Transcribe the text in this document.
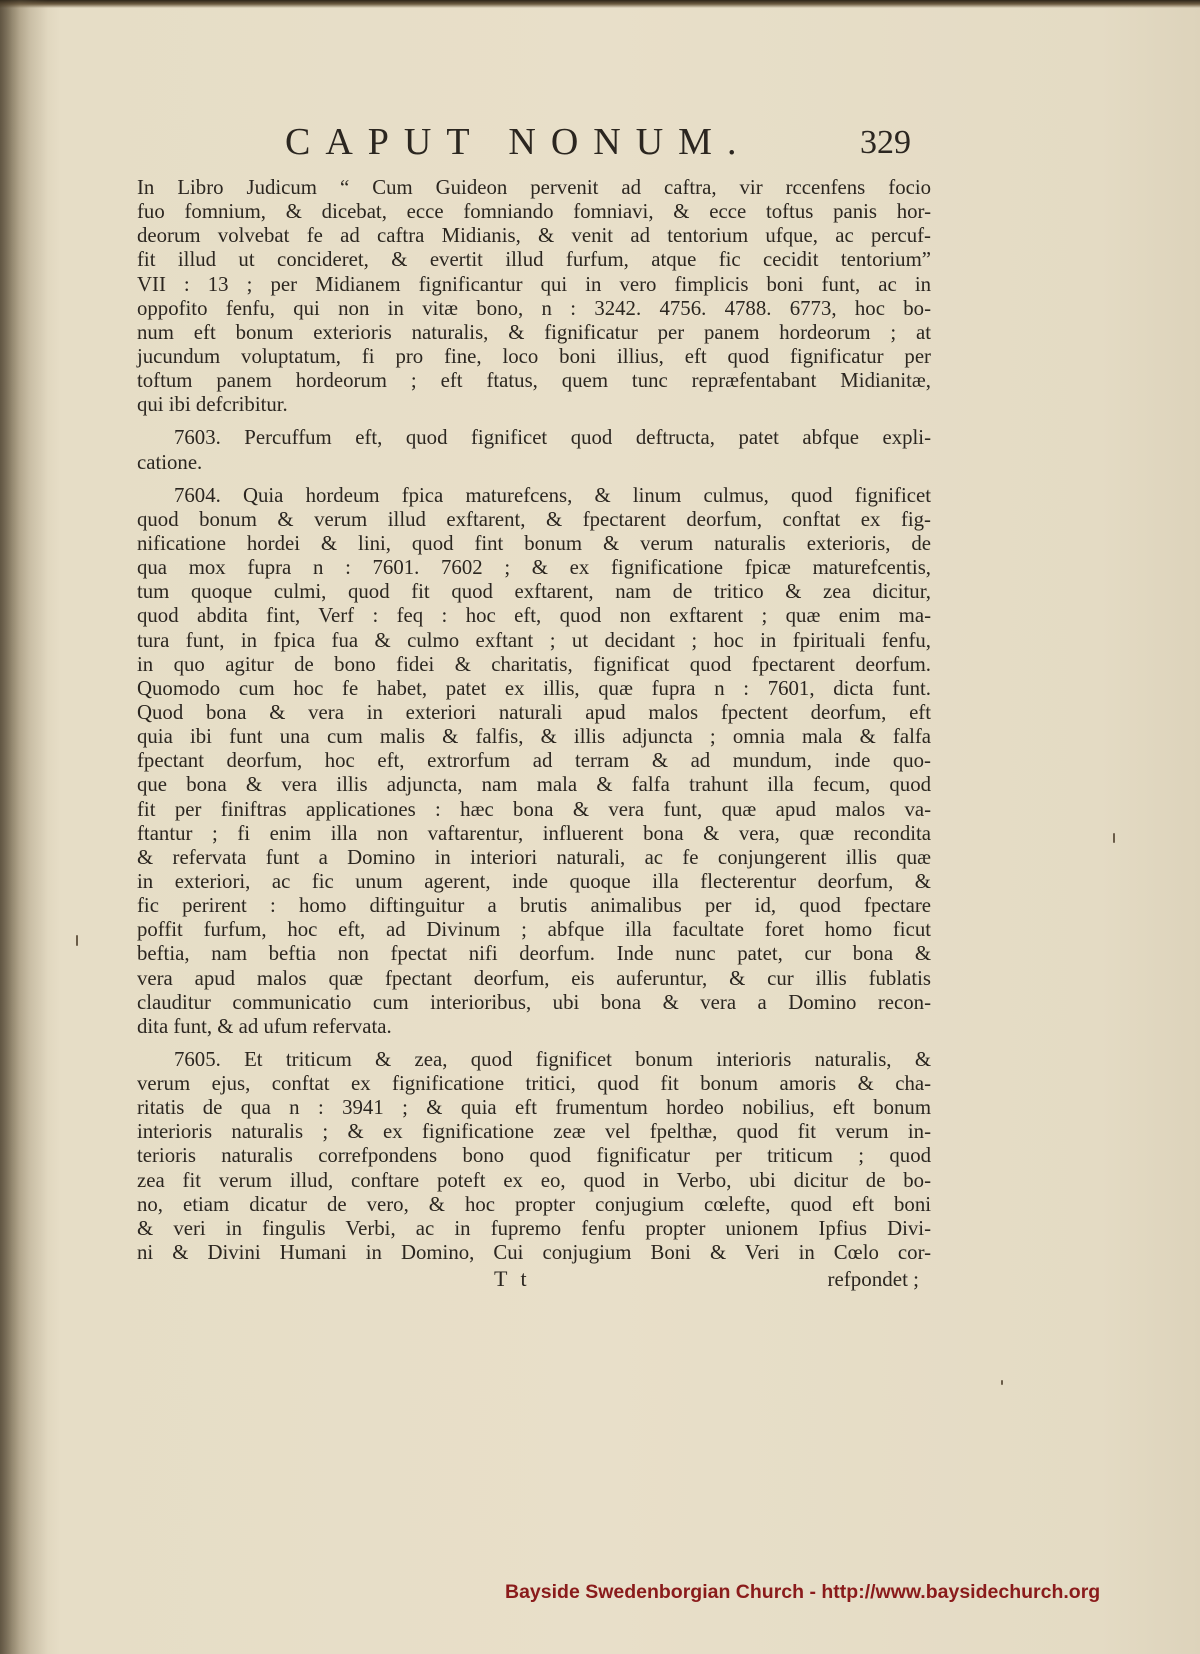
CAPUT NONUM.	329
In Libro Judicum “ Cum Guideon pervenit ad caftra, vir rccenfens focio
fuo fomnium, & dicebat, ecce fomniando fomniavi, & ecce toftus panis hor-
deorum volvebat fe ad caftra Midianis, & venit ad tentorium ufque, ac percuf-
fit illud ut concideret, & evertit illud furfum, atque fic cecidit tentorium”
VII : 13 ; per Midianem fignificantur qui in vero fimplicis boni funt, ac in
oppofito fenfu, qui non in vitæ bono, n : 3242. 4756. 4788. 6773, hoc bo-
num eft bonum exterioris naturalis, & fignificatur per panem hordeorum ; at
jucundum voluptatum, fi pro fine, loco boni illius, eft quod fignificatur per
toftum panem hordeorum ; eft ftatus, quem tunc repræfentabant Midianitæ,
qui ibi defcribitur.
7603. Percuffum eft, quod fignificet quod deftructa, patet abfque expli-
catione.
7604. Quia hordeum fpica maturefcens, & linum culmus, quod fignificet
quod bonum & verum illud exftarent, & fpectarent deorfum, conftat ex fig-
nificatione hordei & lini, quod fint bonum & verum naturalis exterioris, de
qua mox fupra n : 7601. 7602 ; & ex fignificatione fpicæ maturefcentis,
tum quoque culmi, quod fit quod exftarent, nam de tritico & zea dicitur,
quod abdita fint, Verf : feq : hoc eft, quod non exftarent ; quæ enim ma-
tura funt, in fpica fua & culmo exftant ; ut decidant ; hoc in fpirituali fenfu,
in quo agitur de bono fidei & charitatis, fignificat quod fpectarent deorfum.
Quomodo cum hoc fe habet, patet ex illis, quæ fupra n : 7601, dicta funt.
Quod bona & vera in exteriori naturali apud malos fpectent deorfum, eft
quia ibi funt una cum malis & falfis, & illis adjuncta ; omnia mala & falfa
fpectant deorfum, hoc eft, extrorfum ad terram & ad mundum, inde quo-
que bona & vera illis adjuncta, nam mala & falfa trahunt illa fecum, quod
fit per finiftras applicationes : hæc bona & vera funt, quæ apud malos va-
ftantur ; fi enim illa non vaftarentur, influerent bona & vera, quæ recondita
& refervata funt a Domino in interiori naturali, ac fe conjungerent illis quæ
in exteriori, ac fic unum agerent, inde quoque illa flecterentur deorfum, &
fic perirent : homo diftinguitur a brutis animalibus per id, quod fpectare
poffit furfum, hoc eft, ad Divinum ; abfque illa facultate foret homo ficut
beftia, nam beftia non fpectat nifi deorfum. Inde nunc patet, cur bona &
vera apud malos quæ fpectant deorfum, eis auferuntur, & cur illis fublatis
clauditur communicatio cum interioribus, ubi bona & vera a Domino recon-
dita funt, & ad ufum refervata.
7605. Et triticum & zea, quod fignificet bonum interioris naturalis, &
verum ejus, conftat ex fignificatione tritici, quod fit bonum amoris & cha-
ritatis de qua n : 3941 ; & quia eft frumentum hordeo nobilius, eft bonum
interioris naturalis ; & ex fignificatione zeæ vel fpelthæ, quod fit verum in-
terioris naturalis correfpondens bono quod fignificatur per triticum ; quod
zea fit verum illud, conftare poteft ex eo, quod in Verbo, ubi dicitur de bo-
no, etiam dicatur de vero, & hoc propter conjugium cœlefte, quod eft boni
& veri in fingulis Verbi, ac in fupremo fenfu propter unionem Ipfius Divi-
ni & Divini Humani in Domino, Cui conjugium Boni & Veri in Cœlo cor-
T t	refpondet ;
Bayside Swedenborgian Church - http://www.baysidechurch.org
